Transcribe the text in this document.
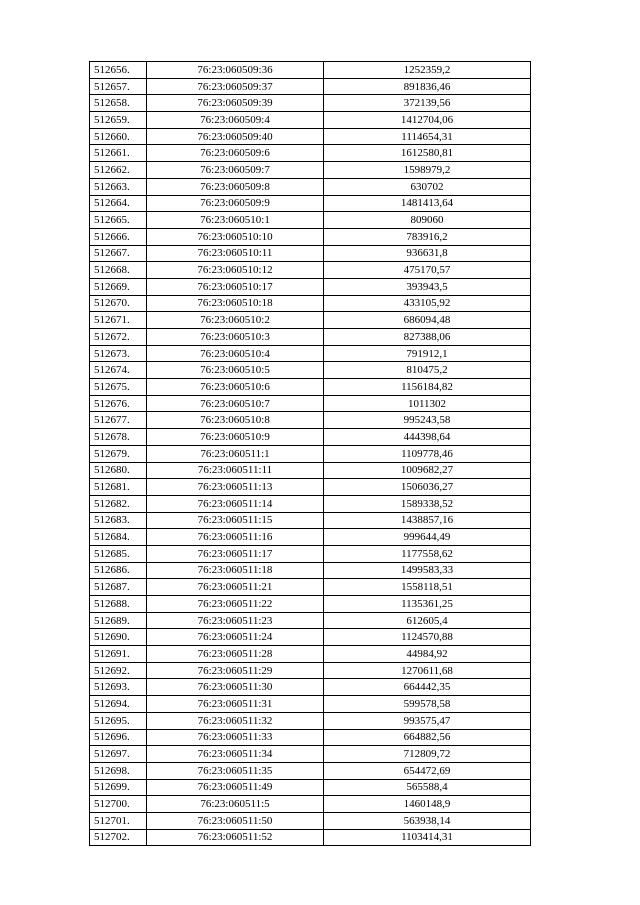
512656.	76:23:060509:36	1252359,2
512657.	76:23:060509:37	891836,46
512658.	76:23:060509:39	372139,56
512659.	76:23:060509:4	1412704,06
512660.	76:23:060509:40	1114654,31
512661.	76:23:060509:6	1612580,81
512662.	76:23:060509:7	1598979,2
512663.	76:23:060509:8	630702
512664.	76:23:060509:9	1481413,64
512665.	76:23:060510:1	809060
512666.	76:23:060510:10	783916,2
512667.	76:23:060510:11	936631,8
512668.	76:23:060510:12	475170,57
512669.	76:23:060510:17	393943,5
512670.	76:23:060510:18	433105,92
512671.	76:23:060510:2	686094,48
512672.	76:23:060510:3	827388,06
512673.	76:23:060510:4	791912,1
512674.	76:23:060510:5	810475,2
512675.	76:23:060510:6	1156184,82
512676.	76:23:060510:7	1011302
512677.	76:23:060510:8	995243,58
512678.	76:23:060510:9	444398,64
512679.	76:23:060511:1	1109778,46
512680.	76:23:060511:11	1009682,27
512681.	76:23:060511:13	1506036,27
512682.	76:23:060511:14	1589338,52
512683.	76:23:060511:15	1438857,16
512684.	76:23:060511:16	999644,49
512685.	76:23:060511:17	1177558,62
512686.	76:23:060511:18	1499583,33
512687.	76:23:060511:21	1558118,51
512688.	76:23:060511:22	1135361,25
512689.	76:23:060511:23	612605,4
512690.	76:23:060511:24	1124570,88
512691.	76:23:060511:28	44984,92
512692.	76:23:060511:29	1270611,68
512693.	76:23:060511:30	664442,35
512694.	76:23:060511:31	599578,58
512695.	76:23:060511:32	993575,47
512696.	76:23:060511:33	664882,56
512697.	76:23:060511:34	712809,72
512698.	76:23:060511:35	654472,69
512699.	76:23:060511:49	565588,4
512700.	76:23:060511:5	1460148,9
512701.	76:23:060511:50	563938,14
512702.	76:23:060511:52	1103414,31
